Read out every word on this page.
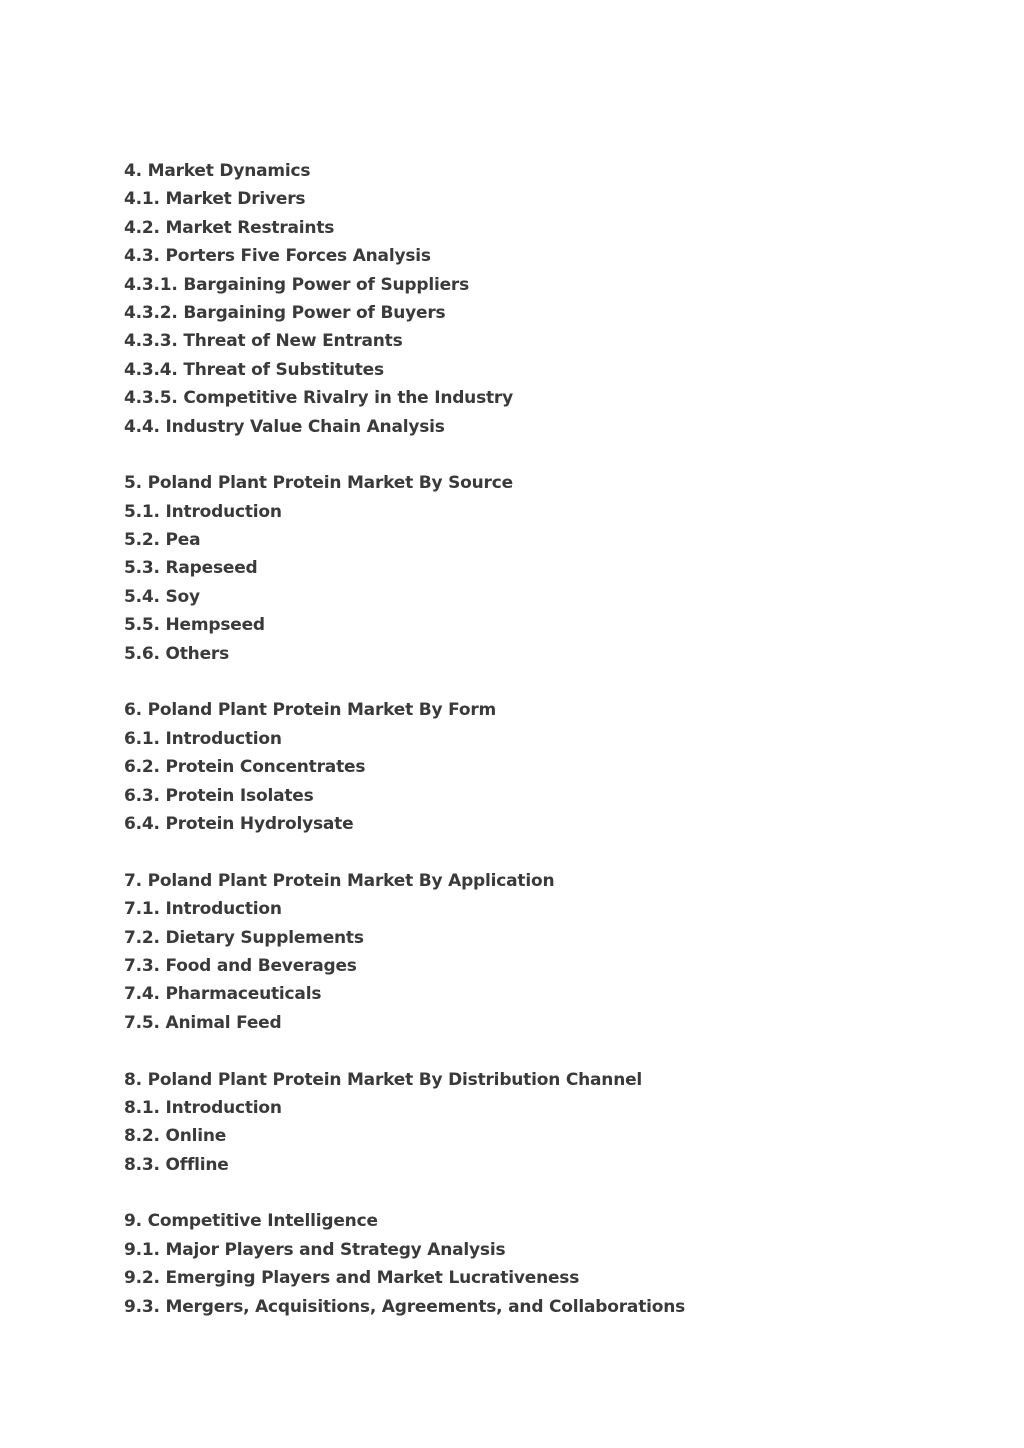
4. Market Dynamics
4.1. Market Drivers
4.2. Market Restraints
4.3. Porters Five Forces Analysis
4.3.1. Bargaining Power of Suppliers
4.3.2. Bargaining Power of Buyers
4.3.3. Threat of New Entrants
4.3.4. Threat of Substitutes
4.3.5. Competitive Rivalry in the Industry
4.4. Industry Value Chain Analysis
5. Poland Plant Protein Market By Source
5.1. Introduction
5.2. Pea
5.3. Rapeseed
5.4. Soy
5.5. Hempseed
5.6. Others
6. Poland Plant Protein Market By Form
6.1. Introduction
6.2. Protein Concentrates
6.3. Protein Isolates
6.4. Protein Hydrolysate
7. Poland Plant Protein Market By Application
7.1. Introduction
7.2. Dietary Supplements
7.3. Food and Beverages
7.4. Pharmaceuticals
7.5. Animal Feed
8. Poland Plant Protein Market By Distribution Channel
8.1. Introduction
8.2. Online
8.3. Offline
9. Competitive Intelligence
9.1. Major Players and Strategy Analysis
9.2. Emerging Players and Market Lucrativeness
9.3. Mergers, Acquisitions, Agreements, and Collaborations
